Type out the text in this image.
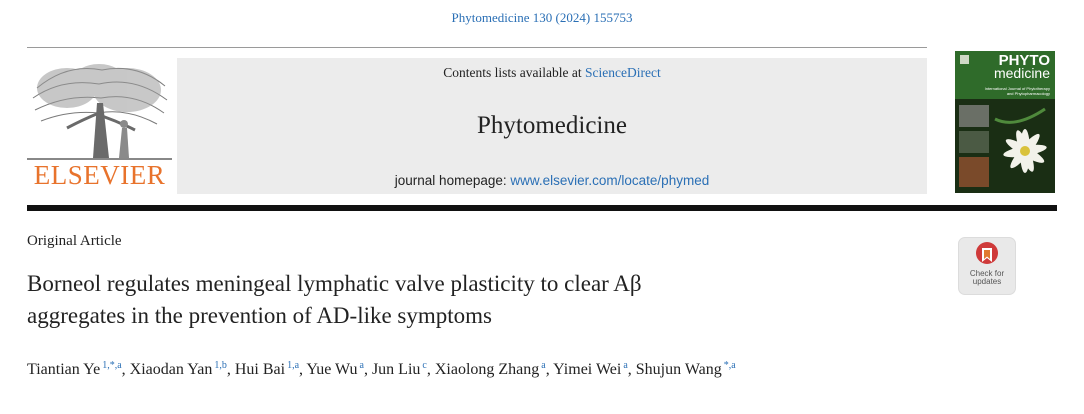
Phytomedicine 130 (2024) 155753
ELSEVIER
Contents lists available at ScienceDirect
Phytomedicine
journal homepage: www.elsevier.com/locate/phymed
PHYTO
medicine
International Journal of Phytotherapy and Phytopharmacology
Original Article
Check for
updates
Borneol regulates meningeal lymphatic valve plasticity to clear Aβ
aggregates in the prevention of AD-like symptoms
Tiantian Ye $^{1,*,a}$, Xiaodan Yan $^{1,b}$, Hui Bai $^{1,a}$, Yue Wu $^a$, Jun Liu $^c$, Xiaolong Zhang $^a$, Yimei Wei $^a$, Shujun Wang $^{*,a}$
